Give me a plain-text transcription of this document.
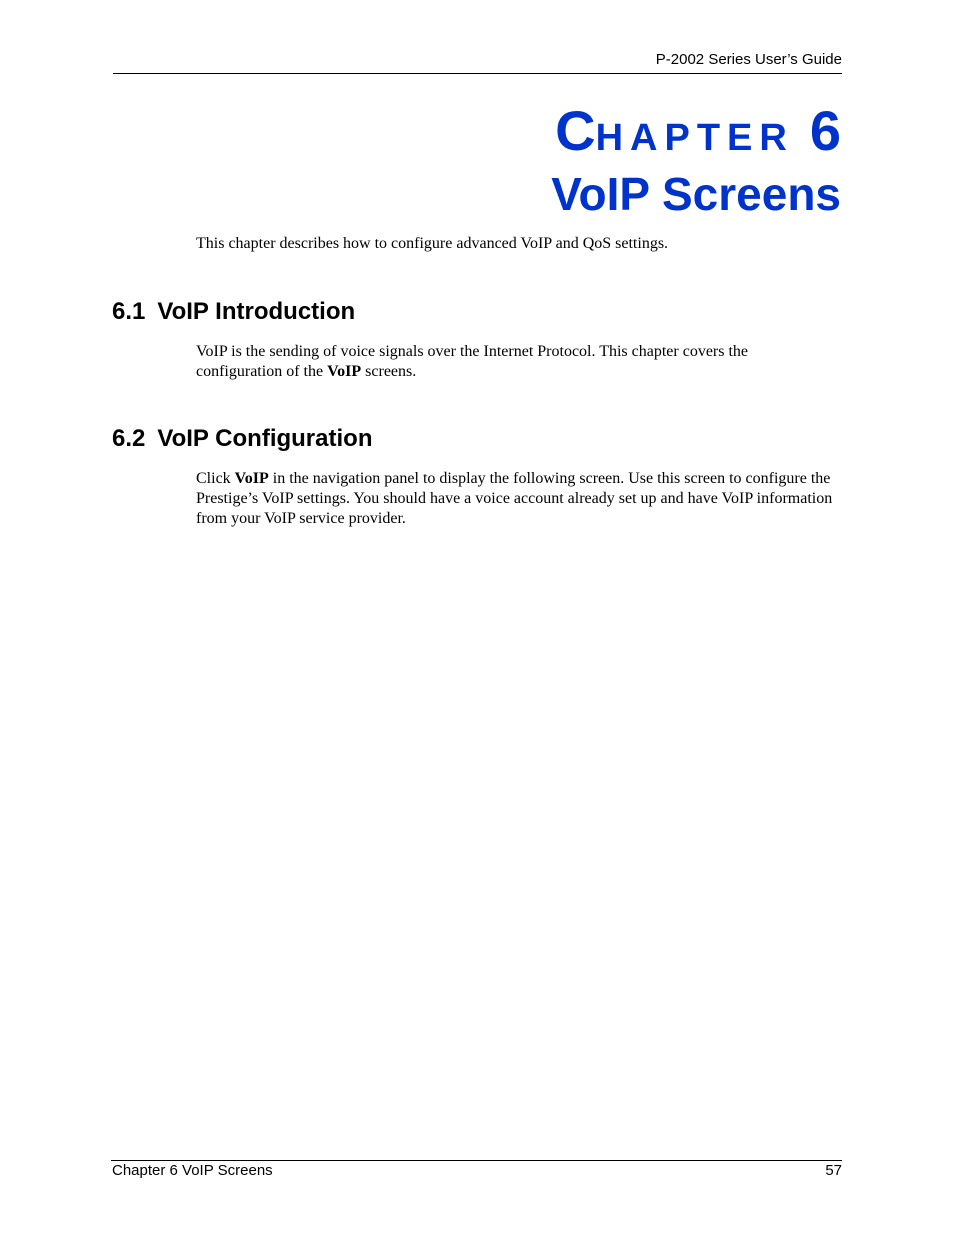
P-2002 Series User’s Guide
CHAPTER 6
VoIP Screens

This chapter describes how to configure advanced VoIP and QoS settings.

6.1 VoIP Introduction

VoIP is the sending of voice signals over the Internet Protocol. This chapter covers the configuration of the VoIP screens.

6.2 VoIP Configuration

Click VoIP in the navigation panel to display the following screen. Use this screen to configure the Prestige’s VoIP settings. You should have a voice account already set up and have VoIP information from your VoIP service provider.

Chapter 6 VoIP Screens	57
